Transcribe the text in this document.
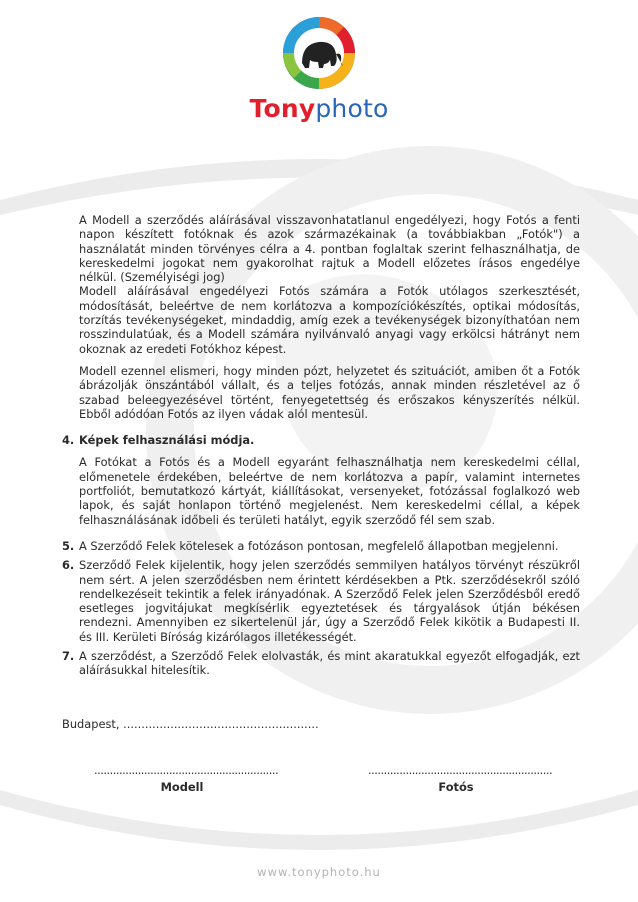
Tonyphoto

A Modell a szerződés aláírásával visszavonhatatlanul engedélyezi, hogy Fotós a fenti napon készített fotóknak és azok származékainak (a továbbiakban „Fotók") a használatát minden törvényes célra a 4. pontban foglaltak szerint felhasználhatja, de kereskedelmi jogokat nem gyakorolhat rajtuk a Modell előzetes írásos engedélye nélkül. (Személyiségi jog)

Modell aláírásával engedélyezi Fotós számára a Fotók utólagos szerkesztését, módosítását, beleértve de nem korlátozva a kompozíciókészítés, optikai módosítás, torzítás tevékenységeket, mindaddig, amíg ezek a tevékenységek bizonyíthatóan nem rosszindulatúak, és a Modell számára nyilvánvaló anyagi vagy erkölcsi hátrányt nem okoznak az eredeti Fotókhoz képest.

Modell ezennel elismeri, hogy minden pózt, helyzetet és szituációt, amiben őt a Fotók ábrázolják önszántából vállalt, és a teljes fotózás, annak minden részletével az ő szabad beleegyezésével történt, fenyegetettség és erőszakos kényszerítés nélkül. Ebből adódóan Fotós az ilyen vádak alól mentesül.

4. Képek felhasználási módja.

A Fotókat a Fotós és a Modell egyaránt felhasználhatja nem kereskedelmi céllal, előmenetele érdekében, beleértve de nem korlátozva a papír, valamint internetes portfoliót, bemutatkozó kártyát, kiállításokat, versenyeket, fotózással foglalkozó web lapok, és saját honlapon történő megjelenést. Nem kereskedelmi céllal, a képek felhasználásának időbeli és területi hatályt, egyik szerződő fél sem szab.

5. A Szerződő Felek kötelesek a fotózáson pontosan, megfelelő állapotban megjelenni.
6. Szerződő Felek kijelentik, hogy jelen szerződés semmilyen hatályos törvényt részükről nem sért. A jelen szerződésben nem érintett kérdésekben a Ptk. szerződésekről szóló rendelkezéseit tekintik a felek irányadónak. A Szerződő Felek jelen Szerződésből eredő esetleges jogvitájukat megkísérlik egyeztetések és tárgyalások útján békésen rendezni. Amennyiben ez sikertelenül jár, úgy a Szerződő Felek kikötik a Budapesti II. és III. Kerületi Bíróság kizárólagos illetékességét.
7. A szerződést, a Szerződő Felek elolvasták, és mint akaratukkal egyezőt elfogadják, ezt aláírásukkal hitelesítik.
Budapest, ......................................................
...........................................................
Modell
...........................................................
Fotós
www.tonyphoto.hu
